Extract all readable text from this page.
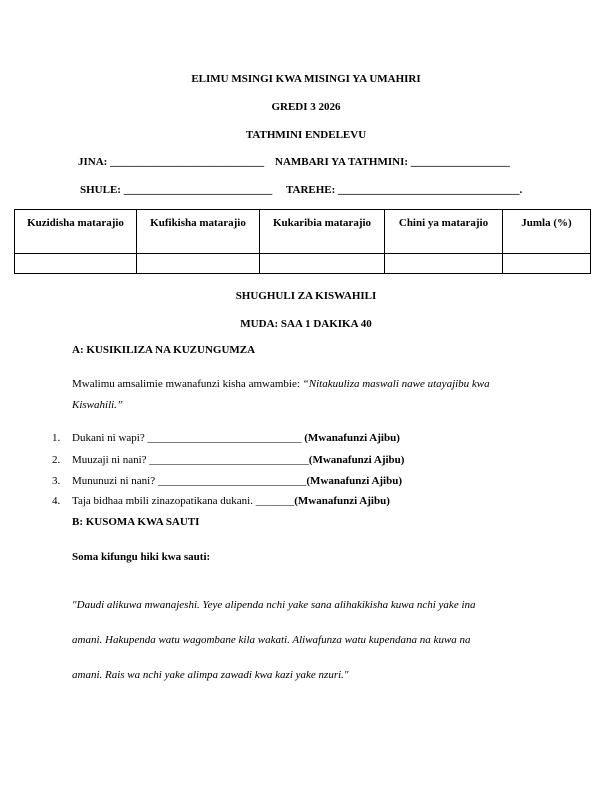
ELIMU MSINGI KWA MISINGI YA UMAHIRI
GREDI 3 2026
TATHMINI ENDELEVU
JINA: ____________________________ NAMBARI YA TATHMINI: __________________
SHULE: ___________________________ TAREHE: _________________________________.
Kuzidisha matarajio	Kufikisha matarajio	Kukaribia matarajio	Chini ya matarajio	Jumla (%)

SHUGHULI ZA KISWAHILI
MUDA: SAA 1 DAKIKA 40
A: KUSIKILIZA NA KUZUNGUMZA
Mwalimu amsalimie mwanafunzi kisha amwambie: “Nitakuuliza maswali nawe utayajibu kwa
Kiswahili.”
1. Dukani ni wapi? ____________________________ (Mwanafunzi Ajibu)
2. Muuzaji ni nani? _____________________________(Mwanafunzi Ajibu)
3. Mununuzi ni nani? ___________________________(Mwanafunzi Ajibu)
4. Taja bidhaa mbili zinazopatikana dukani. _______(Mwanafunzi Ajibu)
B: KUSOMA KWA SAUTI
Soma kifungu hiki kwa sauti:
"Daudi alikuwa mwanajeshi. Yeye alipenda nchi yake sana alihakikisha kuwa nchi yake ina
amani. Hakupenda watu wagombane kila wakati. Aliwafunza watu kupendana na kuwa na
amani. Rais wa nchi yake alimpa zawadi kwa kazi yake nzuri."
